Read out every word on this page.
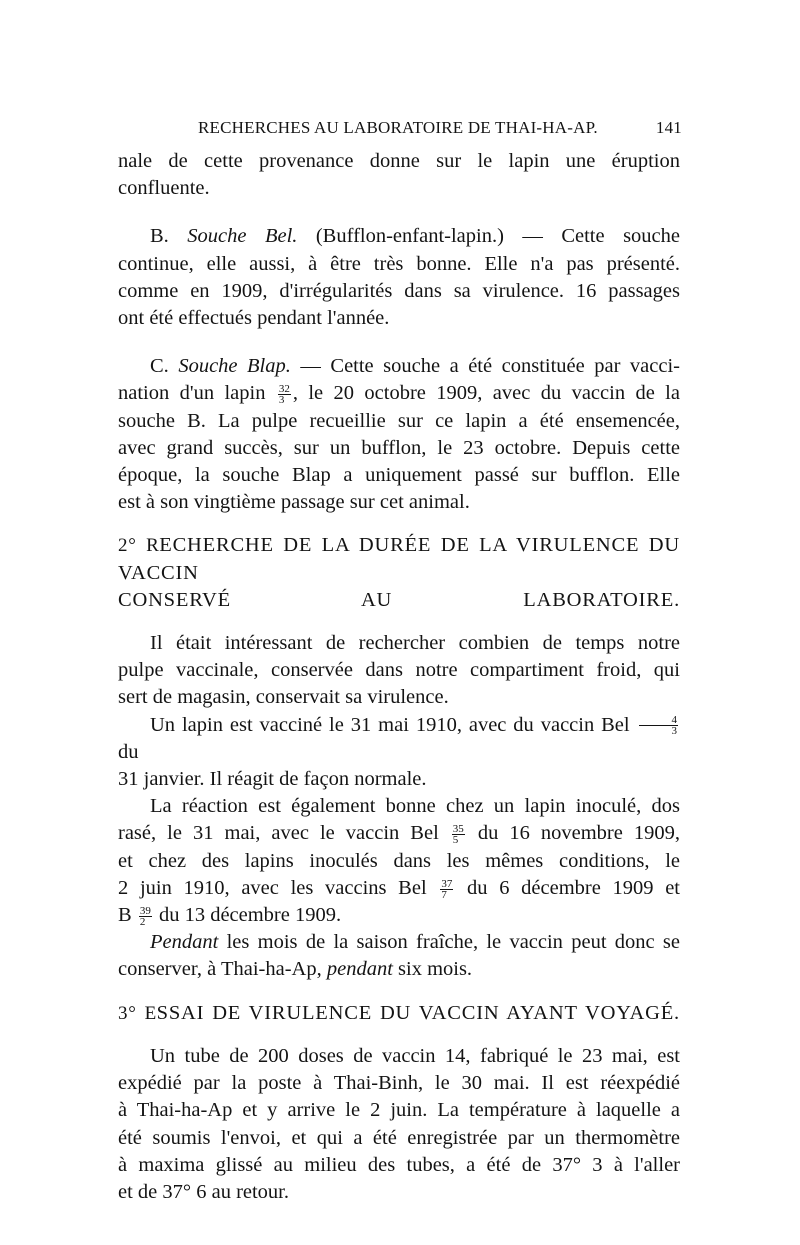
RECHERCHES AU LABORATOIRE DE THAI-HA-AP.	141

nale de cette provenance donne sur le lapin une éruption

confluente.

B. Souche Bel. (Bufflon-enfant-lapin.) — Cette souche

continue, elle aussi, à être très bonne. Elle n'a pas présenté.

comme en 1909, d'irrégularités dans sa virulence. 16 passages

ont été effectués pendant l'année.

C. Souche Blap. — Cette souche a été constituée par vacci-

nation d'un lapin $\frac{32}{3}$ , le 20 octobre 1909, avec du vaccin de la

souche B. La pulpe recueillie sur ce lapin a été ensemencée,

avec grand succès, sur un bufflon, le 23 octobre. Depuis cette

époque, la souche Blap a uniquement passé sur bufflon. Elle

est à son vingtième passage sur cet animal.

2° RECHERCHE DE LA DURÉE DE LA VIRULENCE DU VACCIN

CONSERVÉ AU LABORATOIRE.

Il était intéressant de rechercher combien de temps notre

pulpe vaccinale, conservée dans notre compartiment froid, qui

sert de magasin, conservait sa virulence.

Un lapin est vacciné le 31 mai 1910, avec du vaccin Bel $\frac{4}{3}$
du

31 janvier. Il réagit de façon normale.

La réaction est également bonne chez un lapin inoculé, dos

rasé, le 31 mai, avec le vaccin Bel $\frac{35}{5}$ du 16 novembre 1909,

et chez des lapins inoculés dans les mêmes conditions, le

2 juin 1910, avec les vaccins Bel $\frac{37}{7}$ du 6 décembre 1909 et

B $\frac{39}{2}$ du 13 décembre 1909.

Pendant les mois de la saison fraîche, le vaccin peut donc se

conserver, à Thai-ha-Ap, pendant six mois.

3° ESSAI DE VIRULENCE DU VACCIN AYANT VOYAGÉ.

Un tube de 200 doses de vaccin 14, fabriqué le 23 mai, est

expédié par la poste à Thai-Binh, le 30 mai. Il est réexpédié

à Thai-ha-Ap et y arrive le 2 juin. La température à laquelle a

été soumis l'envoi, et qui a été enregistrée par un thermomètre

à maxima glissé au milieu des tubes, a été de 37° 3 à l'aller

et de 37° 6 au retour.
